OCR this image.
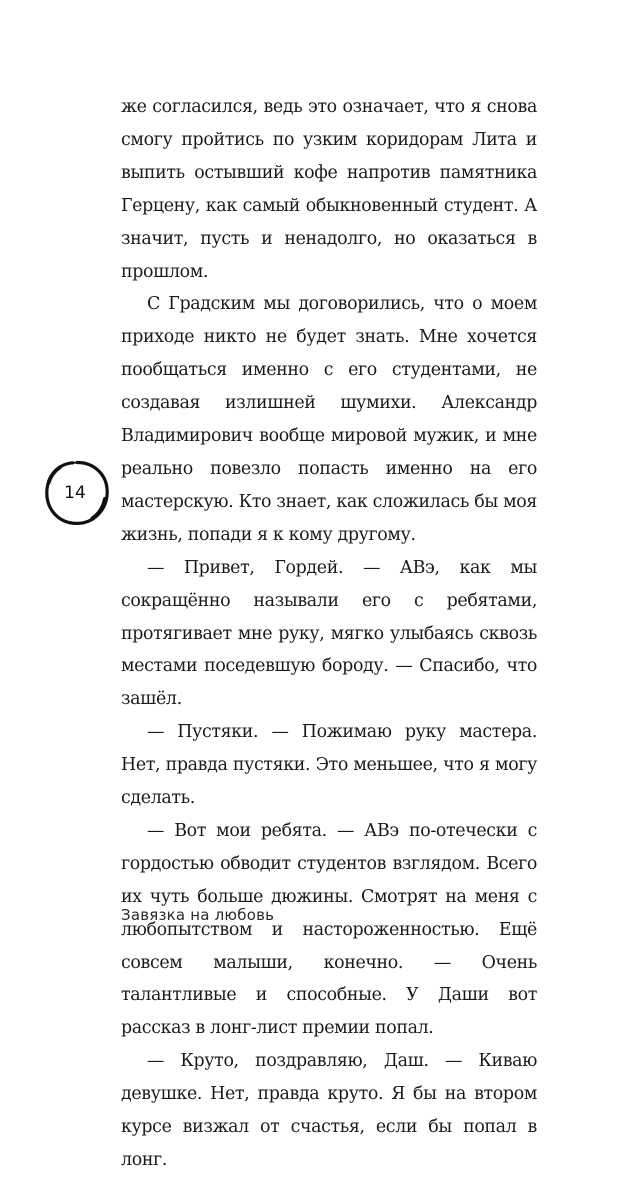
же согласился, ведь это означает, что я снова смогу пройтись по узким коридорам Лита и выпить остывший кофе напротив памятника Герцену, как самый обыкновенный студент. А значит, пусть и ненадолго, но оказаться в прошлом.

С Градским мы договорились, что о моем приходе никто не будет знать. Мне хочется пообщаться именно с его студентами, не создавая излишней шумихи. Александр Владимирович вообще мировой мужик, и мне реально повезло попасть именно на его мастерскую. Кто знает, как сложилась бы моя жизнь, попади я к кому другому.

— Привет, Гордей. — АВэ, как мы сокращённо называли его с ребятами, протягивает мне руку, мягко улыбаясь сквозь местами поседевшую бороду. — Спасибо, что зашёл.

— Пустяки. — Пожимаю руку мастера. Нет, правда пустяки. Это меньшее, что я могу сделать.

— Вот мои ребята. — АВэ по-отечески с гордостью обводит студентов взглядом. Всего их чуть больше дюжины. Смотрят на меня с любопытством и настороженностью. Ещё совсем малыши, конечно. — Очень талантливые и способные. У Даши вот рассказ в лонг-лист премии попал.

— Круто, поздравляю, Даш. — Киваю девушке. Нет, правда круто. Я бы на втором курсе визжал от счастья, если бы попал в лонг.

14
Завязка на любовь
